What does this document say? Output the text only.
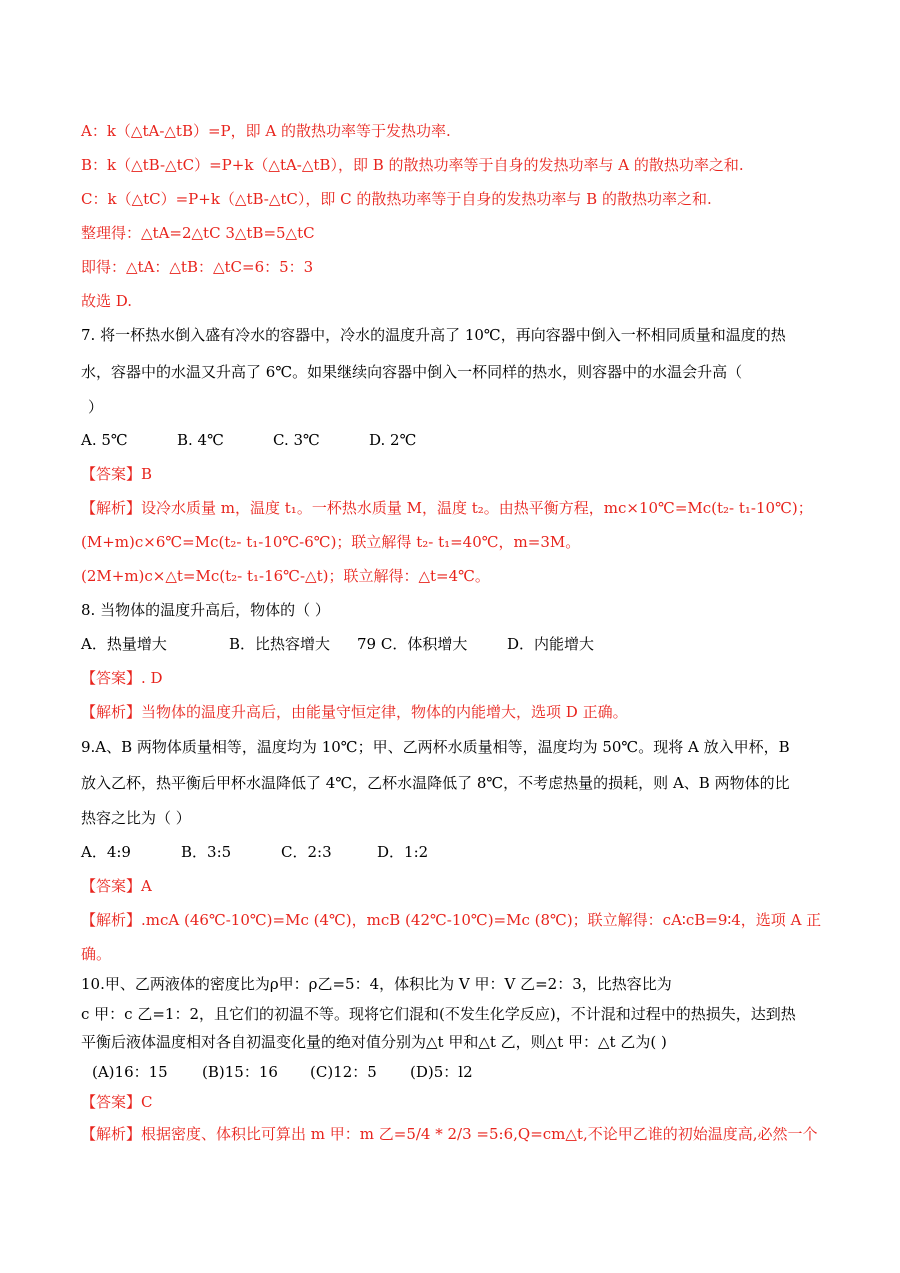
A：k（△tA-△tB）=P，即 A 的散热功率等于发热功率.
B：k（△tB-△tC）=P+k（△tA-△tB），即 B 的散热功率等于自身的发热功率与 A 的散热功率之和.
C：k（△tC）=P+k（△tB-△tC），即 C 的散热功率等于自身的发热功率与 B 的散热功率之和.
整理得：△tA=2△tC 3△tB=5△tC
即得：△tA：△tB：△tC=6：5：3
故选 D.
7. 将一杯热水倒入盛有冷水的容器中，冷水的温度升高了 10℃，再向容器中倒入一杯相同质量和温度的热
水，容器中的水温又升高了 6℃。如果继续向容器中倒入一杯同样的热水，则容器中的水温会升高（
）
A. 5℃	B. 4℃	C. 3℃	D. 2℃
【答案】B
【解析】设冷水质量 m，温度 t₁。一杯热水质量 M，温度 t₂。由热平衡方程，mc×10℃=Mc(t₂- t₁-10℃)；
(M+m)c×6℃=Mc(t₂- t₁-10℃-6℃)；联立解得 t₂- t₁=40℃，m=3M。
(2M+m)c×△t=Mc(t₂- t₁-16℃-△t)；联立解得：△t=4℃。
8. 当物体的温度升高后，物体的（ ）
A．热量增大	B．比热容增大 79 C．体积增大	D．内能增大
【答案】. D
【解析】当物体的温度升高后，由能量守恒定律，物体的内能增大，选项 D 正确。
9.A、B 两物体质量相等，温度均为 10℃；甲、乙两杯水质量相等，温度均为 50℃。现将 A 放入甲杯，B
放入乙杯，热平衡后甲杯水温降低了 4℃，乙杯水温降低了 8℃，不考虑热量的损耗，则 A、B 两物体的比
热容之比为（ ）
A．4:9	B．3:5	C．2:3	D．1:2
【答案】A
【解析】.mcA (46℃-10℃)=Mc (4℃)，mcB (42℃-10℃)=Mc (8℃)；联立解得：cA∶cB=9∶4，选项 A 正
确。
10.甲、乙两液体的密度比为ρ甲：ρ乙=5：4，体积比为 V 甲：V 乙=2：3，比热容比为
c 甲：c 乙=1：2，且它们的初温不等。现将它们混和(不发生化学反应)，不计混和过程中的热损失，达到热
平衡后液体温度相对各自初温变化量的绝对值分别为△t 甲和△t 乙，则△t 甲：△t 乙为( )
(A)16：15 (B)15：16 (C)12：5 (D)5：l2
【答案】C
【解析】根据密度、体积比可算出 m 甲：m 乙=5/4 * 2/3 =5:6,Q=cm△t,不论甲乙谁的初始温度高,必然一个
